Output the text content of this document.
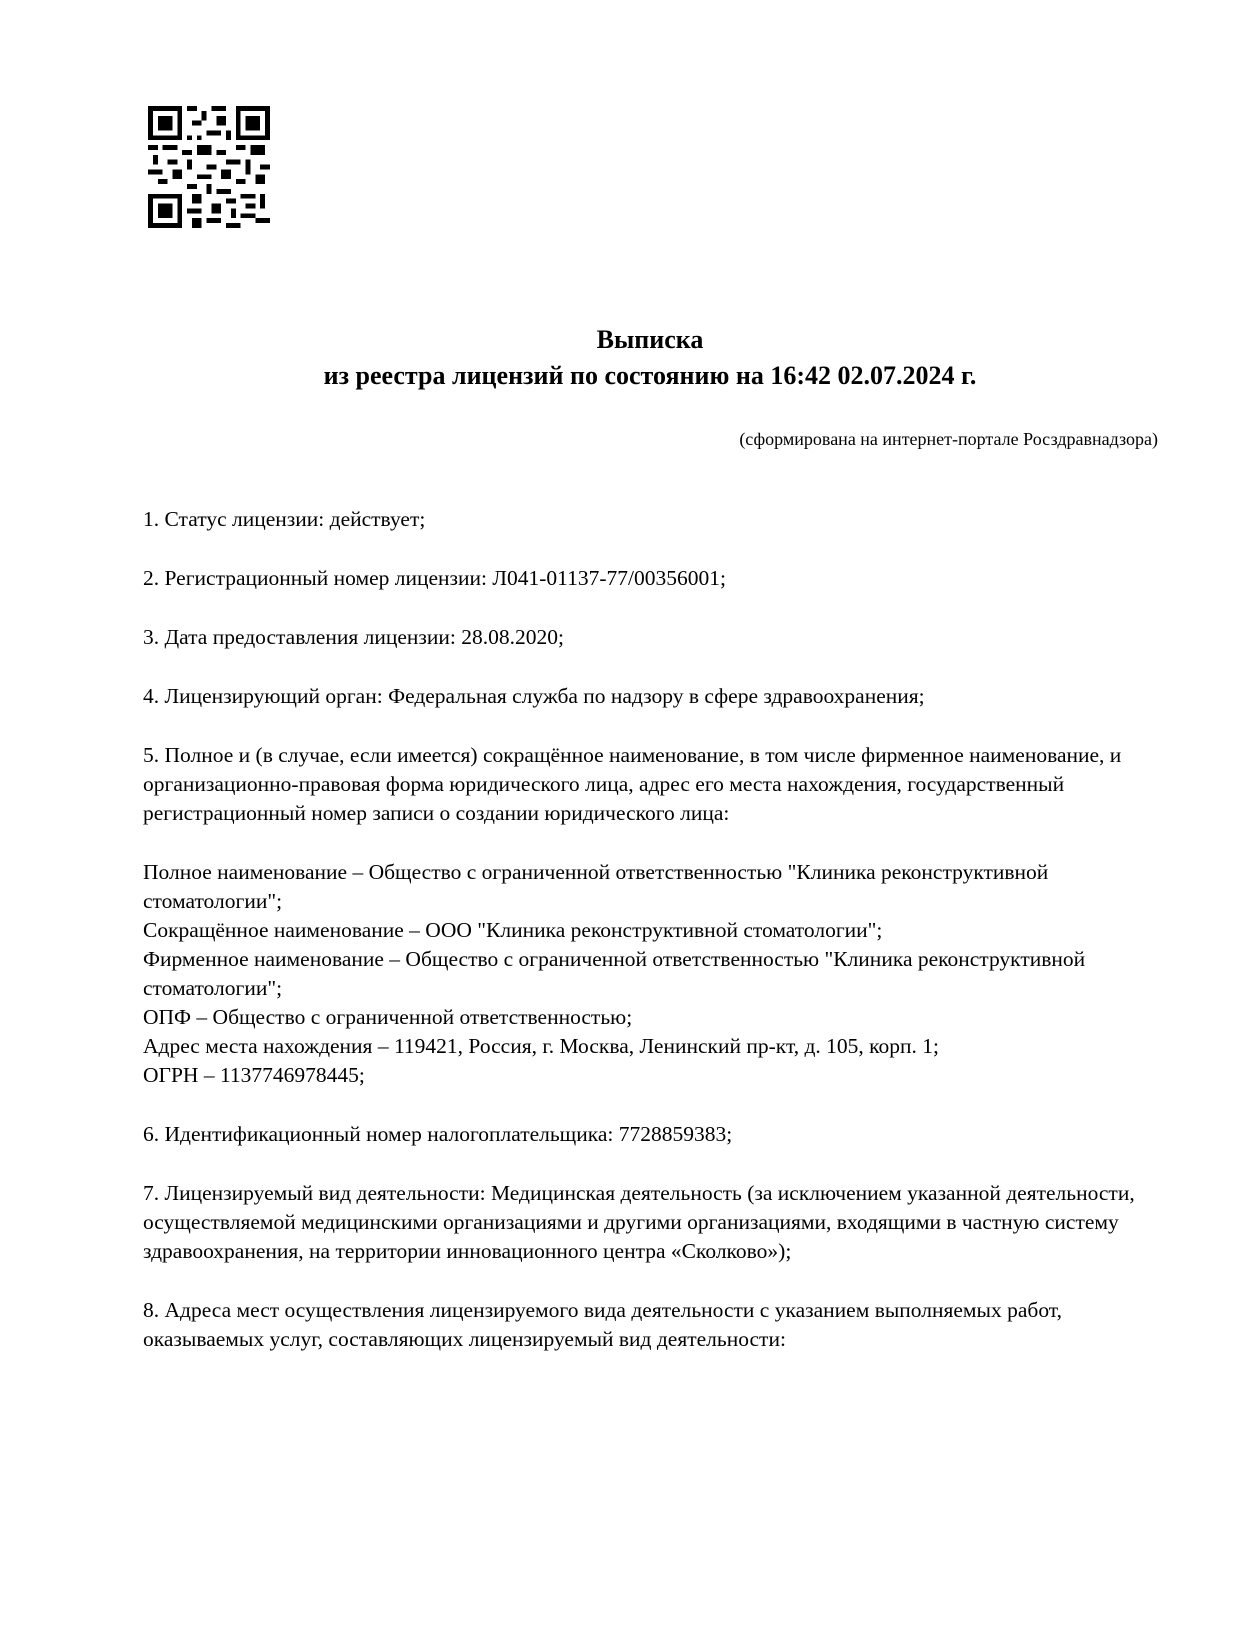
Выписка
из реестра лицензий по состоянию на 16:42 02.07.2024 г.
(сформирована на интернет-портале Росздравнадзора)

1. Статус лицензии: действует;

2. Регистрационный номер лицензии: Л041-01137-77/00356001;

3. Дата предоставления лицензии: 28.08.2020;

4. Лицензирующий орган: Федеральная служба по надзору в сфере здравоохранения;

5. Полное и (в случае, если имеется) сокращённое наименование, в том числе фирменное наименование, и организационно-правовая форма юридического лица, адрес его места нахождения, государственный регистрационный номер записи о создании юридического лица:

Полное наименование – Общество с ограниченной ответственностью "Клиника реконструктивной стоматологии";

Сокращённое наименование – ООО "Клиника реконструктивной стоматологии";

Фирменное наименование – Общество с ограниченной ответственностью "Клиника реконструктивной стоматологии";

ОПФ – Общество с ограниченной ответственностью;

Адрес места нахождения – 119421, Россия, г. Москва, Ленинский пр-кт, д. 105, корп. 1;

ОГРН – 1137746978445;

6. Идентификационный номер налогоплательщика: 7728859383;

7. Лицензируемый вид деятельности: Медицинская деятельность (за исключением указанной деятельности, осуществляемой медицинскими организациями и другими организациями, входящими в частную систему здравоохранения, на территории инновационного центра «Сколково»);

8. Адреса мест осуществления лицензируемого вида деятельности с указанием выполняемых работ, оказываемых услуг, составляющих лицензируемый вид деятельности:
